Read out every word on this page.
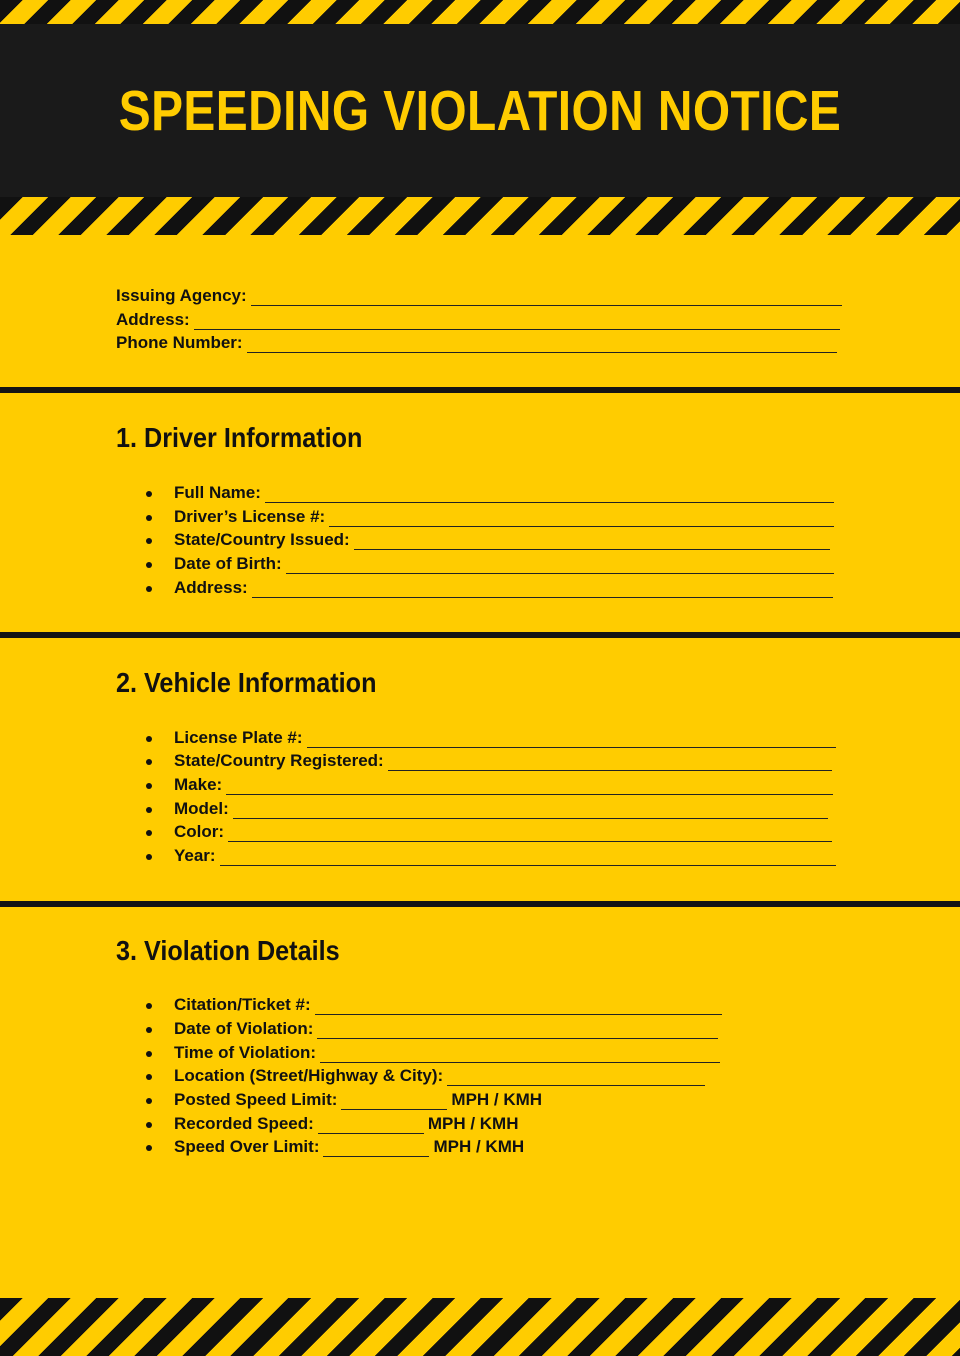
SPEEDING VIOLATION NOTICE
Issuing Agency:
Address:
Phone Number:
1. Driver Information
Full Name:
Driver’s License #:
State/Country Issued:
Date of Birth:
Address:
2. Vehicle Information
License Plate #:
State/Country Registered:
Make:
Model:
Color:
Year:
3. Violation Details
Citation/Ticket #:
Date of Violation:
Time of Violation:
Location (Street/Highway & City):
Posted Speed Limit:	MPH / KMH
Recorded Speed:	MPH / KMH
Speed Over Limit:	MPH / KMH
